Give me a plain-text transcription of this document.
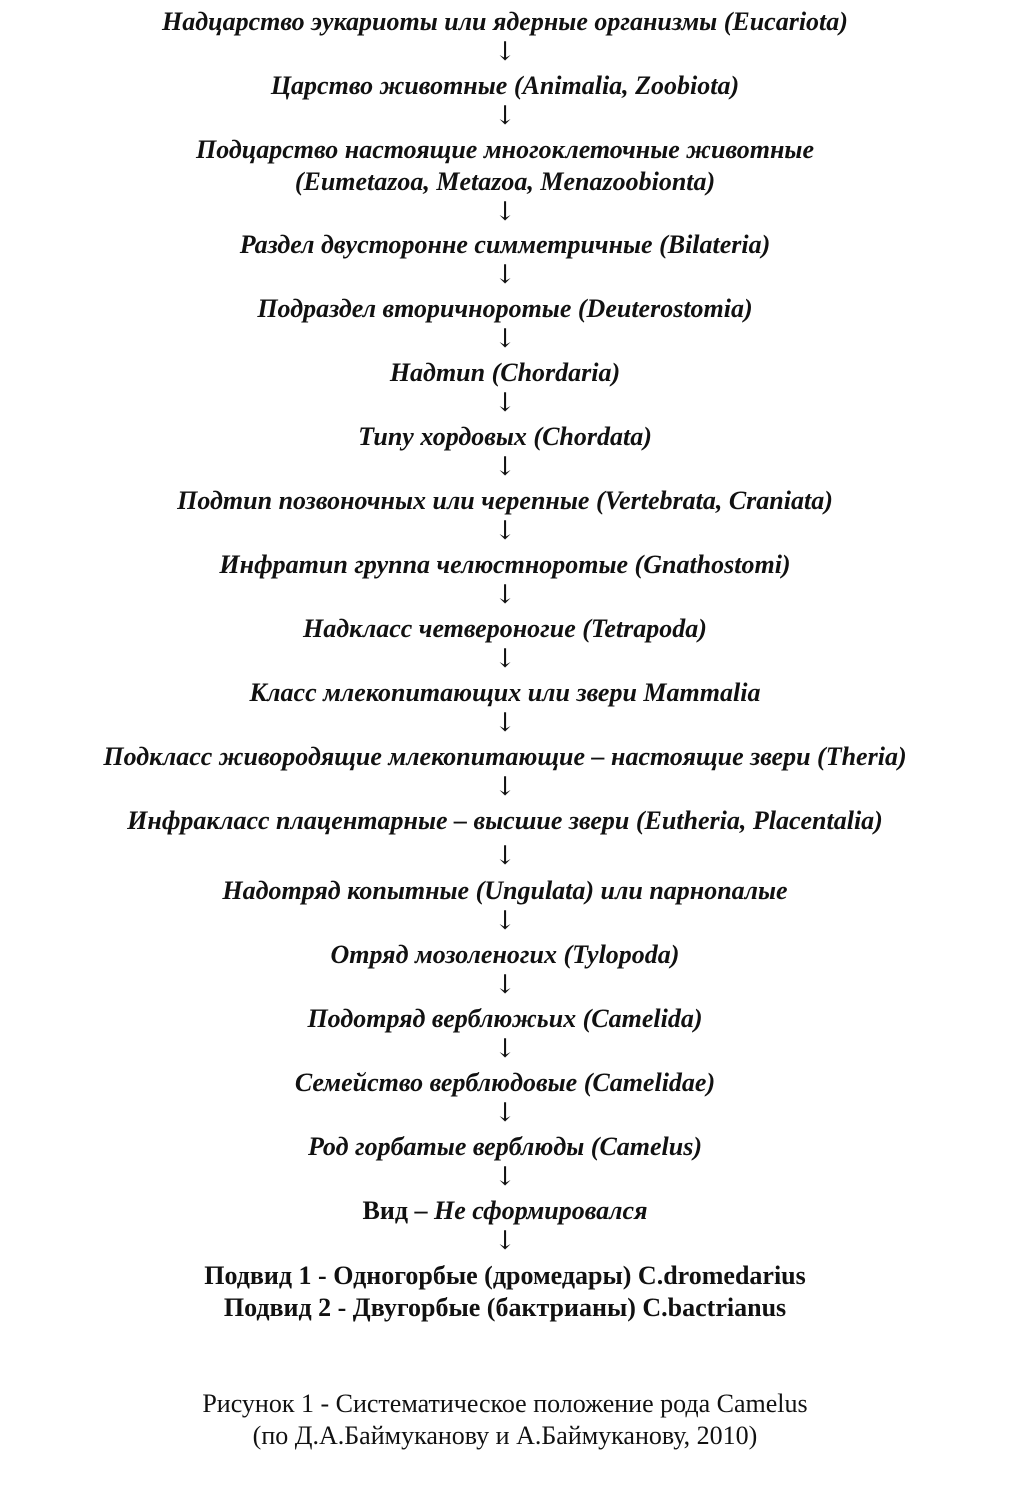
Надцарство эукариоты или ядерные организмы (Eucariota)
↓
Царство животные (Animalia, Zoobiota)
↓
Подцарство настоящие многоклеточные животные
(Eumetazoa, Metazoa, Menazoobionta)
↓
Раздел двусторонне симметричные (Bilateria)
↓
Подраздел вторичноротые (Deuterostomia)
↓
Надтип (Chordaria)
↓
Типу хордовых (Chordata)
↓
Подтип позвоночных или черепные (Vertebrata, Craniata)
↓
Инфратип группа челюстноротые (Gnathostomi)
↓
Надкласс четвероногие (Tetrapoda)
↓
Класс млекопитающих или звери Mammalia
↓
Подкласс живородящие млекопитающие – настоящие звери (Theria)
↓
Инфракласс плацентарные – высшие звери (Eutheria, Placentalia)
↓
Надотряд копытные (Ungulata) или парнопалые
↓
Отряд мозоленогих (Tylopoda)
↓
Подотряд верблюжьих (Camelida)
↓
Семейство верблюдовые (Camelidae)
↓
Род горбатые верблюды (Camelus)
↓
Вид – Не сформировался
↓
Подвид 1 - Одногорбые (дромедары) C.dromedarius
Подвид 2 - Двугорбые (бактрианы) C.bactrianus
Рисунок 1 - Систематическое положение рода Camelus
(по Д.А.Баймуканову и А.Баймуканову, 2010)
